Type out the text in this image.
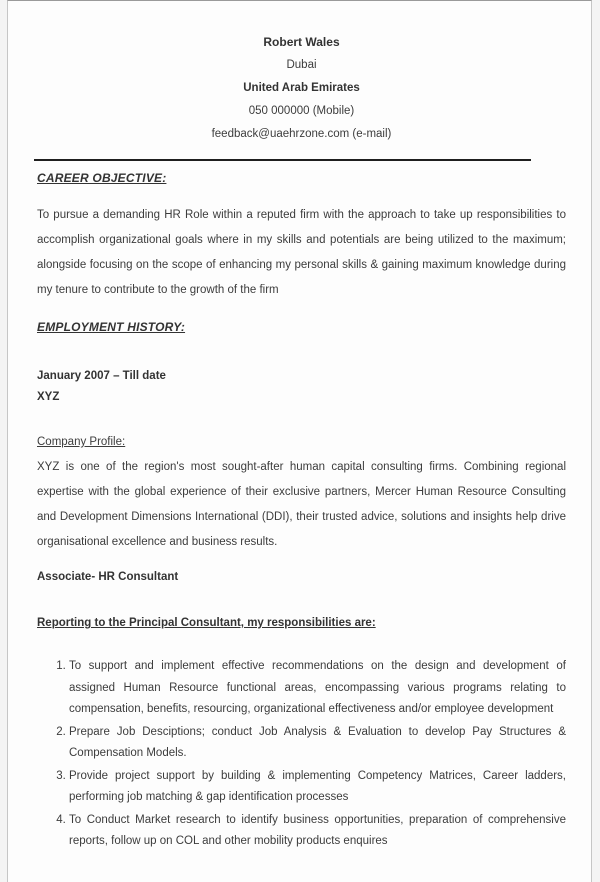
Robert Wales
Dubai
United Arab Emirates
050 000000 (Mobile)
feedback@uaehrzone.com (e-mail)
CAREER OBJECTIVE:

To pursue a demanding HR Role within a reputed firm with the approach to take up responsibilities to accomplish organizational goals where in my skills and potentials are being utilized to the maximum; alongside focusing on the scope of enhancing my personal skills & gaining maximum knowledge during my tenure to contribute to the growth of the firm

EMPLOYMENT HISTORY:
January 2007 – Till date
XYZ
Company Profile:

XYZ is one of the region's most sought-after human capital consulting firms. Combining regional expertise with the global experience of their exclusive partners, Mercer Human Resource Consulting and Development Dimensions International (DDI), their trusted advice, solutions and insights help drive organisational excellence and business results.

Associate- HR Consultant
Reporting to the Principal Consultant, my responsibilities are:
1. To support and implement effective recommendations on the design and development of assigned Human Resource functional areas, encompassing various programs relating to compensation, benefits, resourcing, organizational effectiveness and/or employee development
2. Prepare Job Desciptions; conduct Job Analysis & Evaluation to develop Pay Structures & Compensation Models.
3. Provide project support by building & implementing Competency Matrices, Career ladders, performing job matching & gap identification processes
4. To Conduct Market research to identify business opportunities, preparation of comprehensive reports, follow up on COL and other mobility products enquires
